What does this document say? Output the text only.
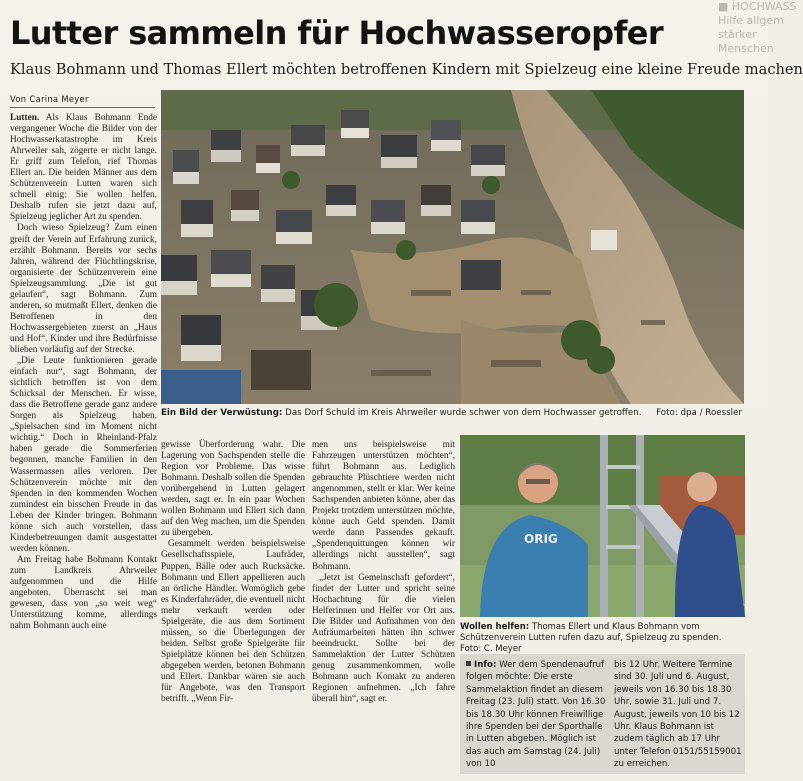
■ HOCHWASS
Hilfe allgem
stärker
Menschen
Lutter sammeln für Hochwasseropfer
Klaus Bohmann und Thomas Ellert möchten betroffenen Kindern mit Spielzeug eine kleine Freude machen
Von Carina Meyer

Lutten. Als Klaus Bohmann Ende vergangener Woche die Bilder von der Hochwasserkatastrophe im Kreis Ahrweiler sah, zögerte er nicht lange. Er griff zum Telefon, rief Thomas Ellert an. Die beiden Männer aus dem Schützenverein Lutten waren sich schnell einig: Sie wollen helfen. Deshalb rufen sie jetzt dazu auf, Spielzeug jeglicher Art zu spenden.

Doch wieso Spielzeug? Zum einen greift der Verein auf Erfahrung zurück, erzählt Bohmann. Bereits vor sechs Jahren, während der Flüchtlingskrise, organisierte der Schützenverein eine Spielzeugsammlung. „Die ist gut gelaufen“, sagt Bohmann. Zum anderen, so mutmaßt Ellert, denken die Betroffenen in den Hochwassergebieten zuerst an „Haus und Hof“. Kinder und ihre Bedürfnisse blieben vorläufig auf der Strecke.

„Die Leute funktionieren gerade einfach nur“, sagt Bohmann, der sichtlich betroffen ist von dem Schicksal der Menschen. Er wisse, dass die Betroffene gerade ganz andere Sorgen als Spielzeug haben. „Spielsachen sind im Moment nicht wichtig.“ Doch in Rheinland-Pfalz haben gerade die Sommerferien begonnen, manche Familien in den Wassermassen alles verloren. Der Schützenverein möchte mit den Spenden in den kommenden Wochen zumindest ein bisschen Freude in das Leben der Kinder bringen. Bohmann könne sich auch vorstellen, dass Kinderbetreuungen damit ausgestattet werden können.

Am Freitag habe Bohmann Kontakt zum Landkreis Ahrweiler aufgenommen und die Hilfe angeboten. Überrascht sei man gewesen, dass von „so weit weg“ Unterstützung komme, allerdings nahm Bohmann auch eine

Ein Bild der Verwüstung: Das Dorf Schuld im Kreis Ahrweiler wurde schwer von dem Hochwasser getroffen. Foto: dpa / Roessler

gewisse Überforderung wahr. Die Lagerung von Sachspenden stelle die Region vor Probleme. Das wisse Bohmann. Deshalb sollen die Spenden vorübergehend in Lutten gelagert werden, sagt er. In ein paar Wochen wollen Bohmann und Ellert sich dann auf den Weg machen, um die Spenden zu übergeben.

Gesammelt werden beispielsweise Gesellschaftsspiele, Laufräder, Puppen, Bälle oder auch Rucksäcke. Bohmann und Ellert appellieren auch an örtliche Händler. Womöglich gebe es Kinderfahrräder, die eventuell nicht mehr verkauft werden oder Spielgeräte, die aus dem Sortiment müssen, so die Überlegungen der beiden. Selbst große Spielgeräte für Spielplätze können bei den Schützen abgegeben werden, betonen Bohmann und Ellert. Dankbar wären sie auch für Angebote, was den Transport betrifft. „Wenn Fir-

men uns beispielsweise mit Fahrzeugen unterstützen möchten“, führt Bohmann aus. Lediglich gebrauchte Plüschtiere werden nicht angenommen, stellt er klar. Wer keine Sachspenden anbieten könne, aber das Projekt trotzdem unterstützen möchte, könne auch Geld spenden. Damit werde dann Passendes gekauft. „Spendenquittungen können wir allerdings nicht ausstellen“, sagt Bohmann.

„Jetzt ist Gemeinschaft gefordert“, findet der Lutter und spricht seine Hochachtung für die vielen Helferinnen und Helfer vor Ort aus. Die Bilder und Aufnahmen von den Aufräumarbeiten hätten ihn schwer beeindruckt. Sollte bei der Sammelaktion der Lutter Schützen genug zusammenkommen, wolle Bohmann auch Kontakt zu anderen Regionen aufnehmen. „Ich fahre überall hin“, sagt er.

ORIG
Wollen helfen: Thomas Ellert und Klaus Bohmann vom Schützenverein Lutten rufen dazu auf, Spielzeug zu spenden. Foto: C. Meyer
Info: Wer dem Spendenaufruf folgen möchte: Die erste Sammelaktion findet an diesem Freitag (23. Juli) statt. Von 16.30 bis 18.30 Uhr können Freiwillige ihre Spenden bei der Sporthalle in Lutten abgeben. Möglich ist das auch am Samstag (24. Juli) von 10
bis 12 Uhr. Weitere Termine sind 30. Juli und 6. August, jeweils von 16.30 bis 18.30 Uhr, sowie 31. Juli und 7. August, jeweils von 10 bis 12 Uhr. Klaus Bohmann ist zudem täglich ab 17 Uhr unter Telefon 0151/55159001 zu erreichen.
